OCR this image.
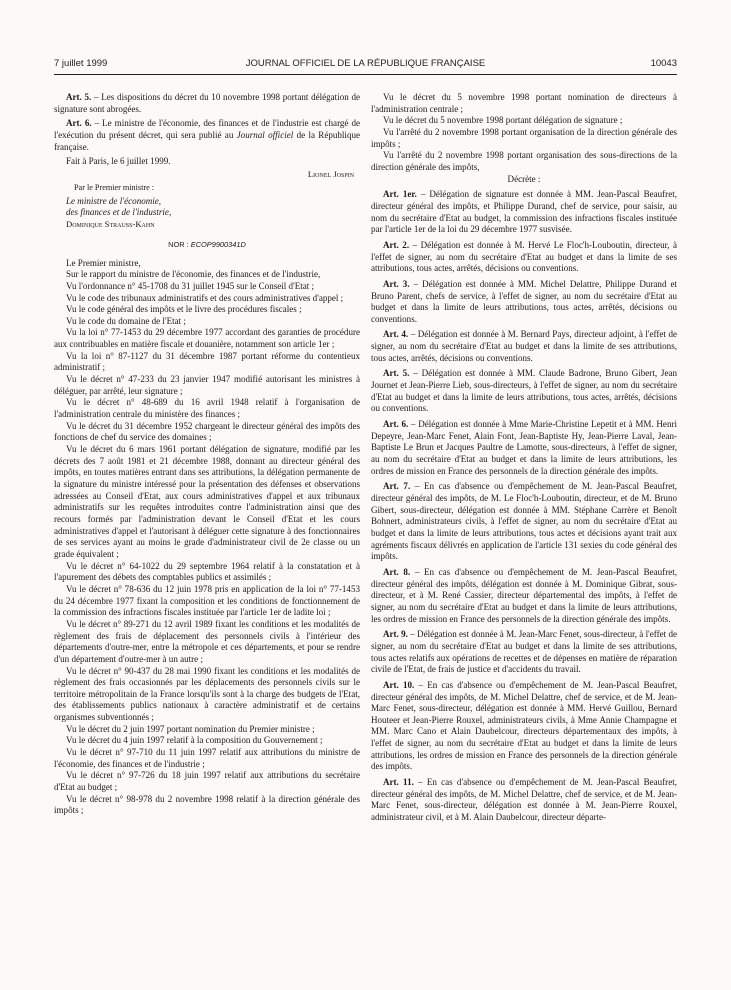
7 juillet 1999	JOURNAL OFFICIEL DE LA RÉPUBLIQUE FRANÇAISE	10043

Art. 5. – Les dispositions du décret du 10 novembre 1998 portant délégation de signature sont abrogées.

Art. 6. – Le ministre de l'économie, des finances et de l'industrie est chargé de l'exécution du présent décret, qui sera publié au Journal officiel de la République française.

Fait à Paris, le 6 juillet 1999.

Lionel Jospin
Par le Premier ministre :
Le ministre de l'économie,
des finances et de l'industrie,
Dominique Strauss-Kahn
NOR : ECOP9900341D

Le Premier ministre,

Sur le rapport du ministre de l'économie, des finances et de l'industrie,

Vu l'ordonnance n° 45-1708 du 31 juillet 1945 sur le Conseil d'Etat ;

Vu le code des tribunaux administratifs et des cours administratives d'appel ;

Vu le code général des impôts et le livre des procédures fiscales ;

Vu le code du domaine de l'Etat ;

Vu la loi n° 77-1453 du 29 décembre 1977 accordant des garanties de procédure aux contribuables en matière fiscale et douanière, notamment son article 1er ;

Vu la loi n° 87-1127 du 31 décembre 1987 portant réforme du contentieux administratif ;

Vu le décret n° 47-233 du 23 janvier 1947 modifié autorisant les ministres à déléguer, par arrêté, leur signature ;

Vu le décret n° 48-689 du 16 avril 1948 relatif à l'organisation de l'administration centrale du ministère des finances ;

Vu le décret du 31 décembre 1952 chargeant le directeur général des impôts des fonctions de chef du service des domaines ;

Vu le décret du 6 mars 1961 portant délégation de signature, modifié par les décrets des 7 août 1981 et 21 décembre 1988, donnant au directeur général des impôts, en toutes matières entrant dans ses attributions, la délégation permanente de la signature du ministre intéressé pour la présentation des défenses et observations adressées au Conseil d'Etat, aux cours administratives d'appel et aux tribunaux administratifs sur les requêtes introduites contre l'administration ainsi que des recours formés par l'administration devant le Conseil d'Etat et les cours administratives d'appel et l'autorisant à déléguer cette signature à des fonctionnaires de ses services ayant au moins le grade d'administrateur civil de 2e classe ou un grade équivalent ;

Vu le décret n° 64-1022 du 29 septembre 1964 relatif à la constatation et à l'apurement des débets des comptables publics et assimilés ;

Vu le décret n° 78-636 du 12 juin 1978 pris en application de la loi n° 77-1453 du 24 décembre 1977 fixant la composition et les conditions de fonctionnement de la commission des infractions fiscales instituée par l'article 1er de ladite loi ;

Vu le décret n° 89-271 du 12 avril 1989 fixant les conditions et les modalités de règlement des frais de déplacement des personnels civils à l'intérieur des départements d'outre-mer, entre la métropole et ces départements, et pour se rendre d'un département d'outre-mer à un autre ;

Vu le décret n° 90-437 du 28 mai 1990 fixant les conditions et les modalités de règlement des frais occasionnés par les déplacements des personnels civils sur le territoire métropolitain de la France lorsqu'ils sont à la charge des budgets de l'Etat, des établissements publics nationaux à caractère administratif et de certains organismes subventionnés ;

Vu le décret du 2 juin 1997 portant nomination du Premier ministre ;

Vu le décret du 4 juin 1997 relatif à la composition du Gouvernement ;

Vu le décret n° 97-710 du 11 juin 1997 relatif aux attributions du ministre de l'économie, des finances et de l'industrie ;

Vu le décret n° 97-726 du 18 juin 1997 relatif aux attributions du secrétaire d'Etat au budget ;

Vu le décret n° 98-978 du 2 novembre 1998 relatif à la direction générale des impôts ;

Vu le décret du 5 novembre 1998 portant nomination de directeurs à l'administration centrale ;

Vu le décret du 5 novembre 1998 portant délégation de signature ;

Vu l'arrêté du 2 novembre 1998 portant organisation de la direction générale des impôts ;

Vu l'arrêté du 2 novembre 1998 portant organisation des sous-directions de la direction générale des impôts,

Décrète :

Art. 1er. – Délégation de signature est donnée à MM. Jean-Pascal Beaufret, directeur général des impôts, et Philippe Durand, chef de service, pour saisir, au nom du secrétaire d'Etat au budget, la commission des infractions fiscales instituée par l'article 1er de la loi du 29 décembre 1977 susvisée.

Art. 2. – Délégation est donnée à M. Hervé Le Floc'h-Louboutin, directeur, à l'effet de signer, au nom du secrétaire d'Etat au budget et dans la limite de ses attributions, tous actes, arrêtés, décisions ou conventions.

Art. 3. – Délégation est donnée à MM. Michel Delattre, Philippe Durand et Bruno Parent, chefs de service, à l'effet de signer, au nom du secrétaire d'Etat au budget et dans la limite de leurs attributions, tous actes, arrêtés, décisions ou conventions.

Art. 4. – Délégation est donnée à M. Bernard Pays, directeur adjoint, à l'effet de signer, au nom du secrétaire d'Etat au budget et dans la limite de ses attributions, tous actes, arrêtés, décisions ou conventions.

Art. 5. – Délégation est donnée à MM. Claude Badrone, Bruno Gibert, Jean Journet et Jean-Pierre Lieb, sous-directeurs, à l'effet de signer, au nom du secrétaire d'Etat au budget et dans la limite de leurs attributions, tous actes, arrêtés, décisions ou conventions.

Art. 6. – Délégation est donnée à Mme Marie-Christine Lepetit et à MM. Henri Depeyre, Jean-Marc Fenet, Alain Font, Jean-Baptiste Hy, Jean-Pierre Laval, Jean-Baptiste Le Brun et Jacques Paultre de Lamotte, sous-directeurs, à l'effet de signer, au nom du secrétaire d'Etat au budget et dans la limite de leurs attributions, les ordres de mission en France des personnels de la direction générale des impôts.

Art. 7. – En cas d'absence ou d'empêchement de M. Jean-Pascal Beaufret, directeur général des impôts, de M. Le Floc'h-Louboutin, directeur, et de M. Bruno Gibert, sous-directeur, délégation est donnée à MM. Stéphane Carrère et Benoît Bohnert, administrateurs civils, à l'effet de signer, au nom du secrétaire d'Etat au budget et dans la limite de leurs attributions, tous actes et décisions ayant trait aux agréments fiscaux délivrés en application de l'article 131 sexies du code général des impôts.

Art. 8. – En cas d'absence ou d'empêchement de M. Jean-Pascal Beaufret, directeur général des impôts, délégation est donnée à M. Dominique Gibrat, sous-directeur, et à M. René Cassier, directeur départemental des impôts, à l'effet de signer, au nom du secrétaire d'Etat au budget et dans la limite de leurs attributions, les ordres de mission en France des personnels de la direction générale des impôts.

Art. 9. – Délégation est donnée à M. Jean-Marc Fenet, sous-directeur, à l'effet de signer, au nom du secrétaire d'Etat au budget et dans la limite de ses attributions, tous actes relatifs aux opérations de recettes et de dépenses en matière de réparation civile de l'Etat, de frais de justice et d'accidents du travail.

Art. 10. – En cas d'absence ou d'empêchement de M. Jean-Pascal Beaufret, directeur général des impôts, de M. Michel Delattre, chef de service, et de M. Jean-Marc Fenet, sous-directeur, délégation est donnée à MM. Hervé Guillou, Bernard Houteer et Jean-Pierre Rouxel, administrateurs civils, à Mme Annie Champagne et MM. Marc Cano et Alain Daubelcour, directeurs départementaux des impôts, à l'effet de signer, au nom du secrétaire d'Etat au budget et dans la limite de leurs attributions, les ordres de mission en France des personnels de la direction générale des impôts.

Art. 11. – En cas d'absence ou d'empêchement de M. Jean-Pascal Beaufret, directeur général des impôts, de M. Michel Delattre, chef de service, et de M. Jean-Marc Fenet, sous-directeur, délégation est donnée à M. Jean-Pierre Rouxel, administrateur civil, et à M. Alain Daubelcour, directeur départe-
